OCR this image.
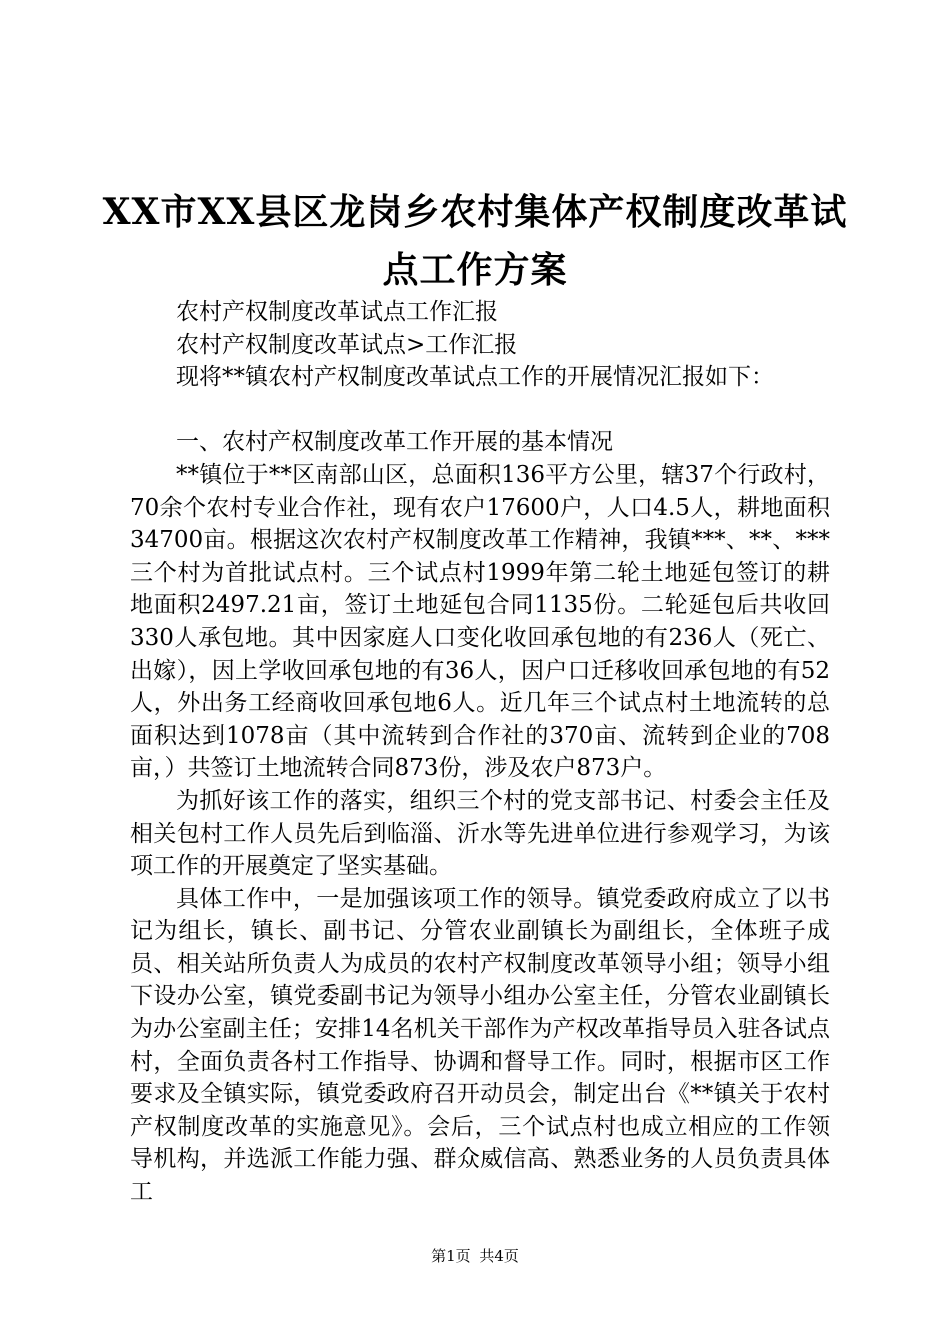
XX市XX县区龙岗乡农村集体产权制度改革试
点工作方案

农村产权制度改革试点工作汇报

农村产权制度改革试点>工作汇报

现将**镇农村产权制度改革试点工作的开展情况汇报如下：

一、农村产权制度改革工作开展的基本情况

**镇位于**区南部山区，总面积136平方公里，辖37个行政村，70余个农村专业合作社，现有农户17600户，人口4.5人，耕地面积34700亩。根据这次农村产权制度改革工作精神，我镇***、**、***三个村为首批试点村。三个试点村1999年第二轮土地延包签订的耕地面积2497.21亩，签订土地延包合同1135份。二轮延包后共收回330人承包地。其中因家庭人口变化收回承包地的有236人（死亡、出嫁），因上学收回承包地的有36人，因户口迁移收回承包地的有52人，外出务工经商收回承包地6人。近几年三个试点村土地流转的总面积达到1078亩（其中流转到合作社的370亩、流转到企业的708亩，）共签订土地流转合同873份，涉及农户873户。

为抓好该工作的落实，组织三个村的党支部书记、村委会主任及相关包村工作人员先后到临淄、沂水等先进单位进行参观学习，为该项工作的开展奠定了坚实基础。

具体工作中，一是加强该项工作的领导。镇党委政府成立了以书记为组长，镇长、副书记、分管农业副镇长为副组长，全体班子成员、相关站所负责人为成员的农村产权制度改革领导小组；领导小组下设办公室，镇党委副书记为领导小组办公室主任，分管农业副镇长为办公室副主任；安排14名机关干部作为产权改革指导员入驻各试点村，全面负责各村工作指导、协调和督导工作。同时，根据市区工作要求及全镇实际，镇党委政府召开动员会，制定出台《**镇关于农村产权制度改革的实施意见》。会后，三个试点村也成立相应的工作领导机构，并选派工作能力强、群众威信高、熟悉业务的人员负责具体工

第1页 共4页
